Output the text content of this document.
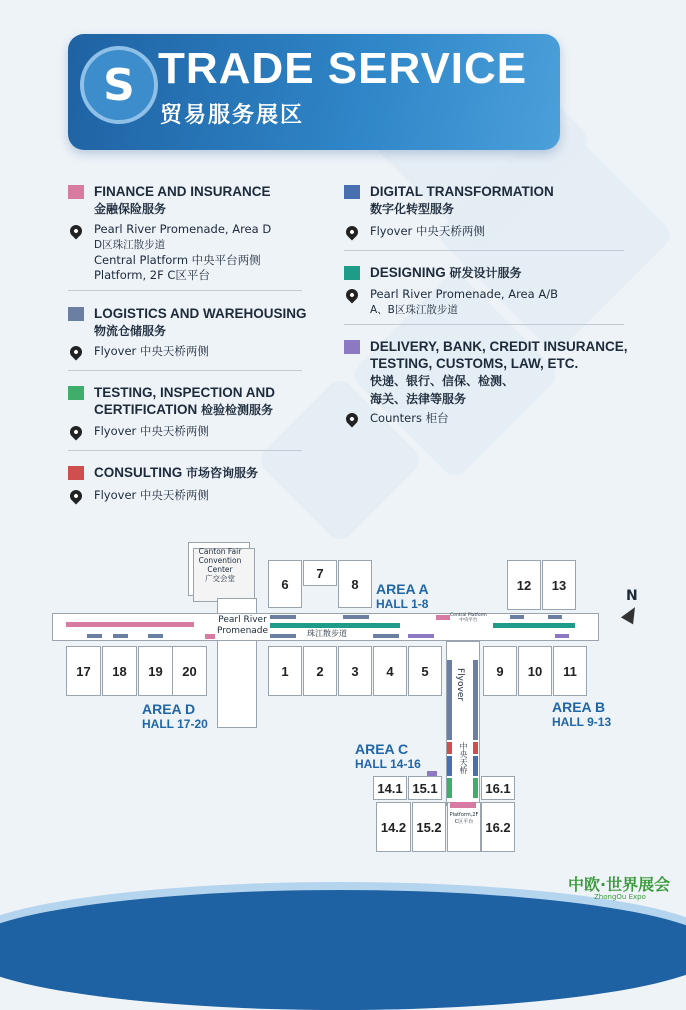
S TRADE SERVICE
贸易服务展区
FINANCE AND INSURANCE
金融保险服务
Pearl River Promenade, Area D
D区珠江散步道
Central Platform 中央平台两侧
Platform, 2F C区平台
LOGISTICS AND WAREHOUSING
物流仓储服务
Flyover 中央天桥两侧
TESTING, INSPECTION AND
CERTIFICATION 检验检测服务
Flyover 中央天桥两侧
CONSULTING 市场咨询服务
Flyover 中央天桥两侧
DIGITAL TRANSFORMATION
数字化转型服务
Flyover 中央天桥两侧
DESIGNING 研发设计服务
Pearl River Promenade, Area A/B
A、B区珠江散步道
DELIVERY, BANK, CREDIT INSURANCE,
TESTING, CUSTOMS, LAW, ETC.
快递、银行、信保、检测、
海关、法律等服务
Counters 柜台
Canton Fair
Convention
Center
广交会堂
Pearl River
Promenade	珠江散步道
Central Platform
中央平台
6
7
8	AREA A
HALL 1-8
1	2	3	4	5
17	18	19	20
AREA D
HALL 17-20
12	13
9	10	11
AREA B
HALL 9-13
Flyover
中央天桥
AREA C
HALL 14-16
14.1 15.1	16.1
14.2 15.2
Platform,2F
C区平台 16.2
N
中欧·世界展会
ZhongOu Expo
